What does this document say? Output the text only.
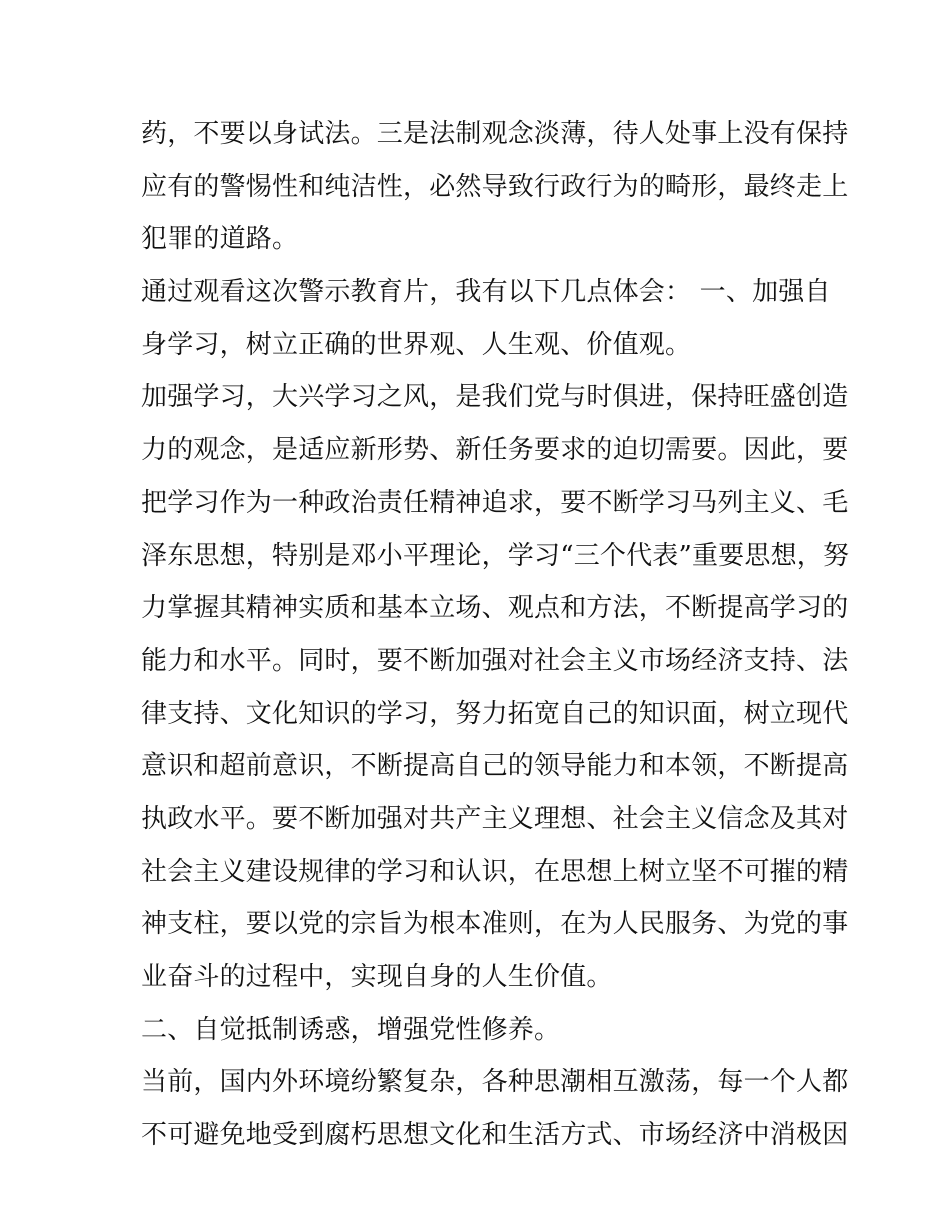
药，不要以身试法。三是法制观念淡薄，待人处事上没有保持
应有的警惕性和纯洁性，必然导致行政行为的畸形，最终走上
犯罪的道路。
通过观看这次警示教育片，我有以下几点体会： 一、加强自
身学习，树立正确的世界观、人生观、价值观。
加强学习，大兴学习之风，是我们党与时俱进，保持旺盛创造
力的观念，是适应新形势、新任务要求的迫切需要。因此，要
把学习作为一种政治责任精神追求，要不断学习马列主义、毛
泽东思想，特别是邓小平理论，学习“三个代表”重要思想，努
力掌握其精神实质和基本立场、观点和方法，不断提高学习的
能力和水平。同时，要不断加强对社会主义市场经济支持、法
律支持、文化知识的学习，努力拓宽自己的知识面，树立现代
意识和超前意识，不断提高自己的领导能力和本领，不断提高
执政水平。要不断加强对共产主义理想、社会主义信念及其对
社会主义建设规律的学习和认识，在思想上树立坚不可摧的精
神支柱，要以党的宗旨为根本准则，在为人民服务、为党的事
业奋斗的过程中，实现自身的人生价值。
二、自觉抵制诱惑，增强党性修养。
当前，国内外环境纷繁复杂，各种思潮相互激荡，每一个人都
不可避免地受到腐朽思想文化和生活方式、市场经济中消极因
